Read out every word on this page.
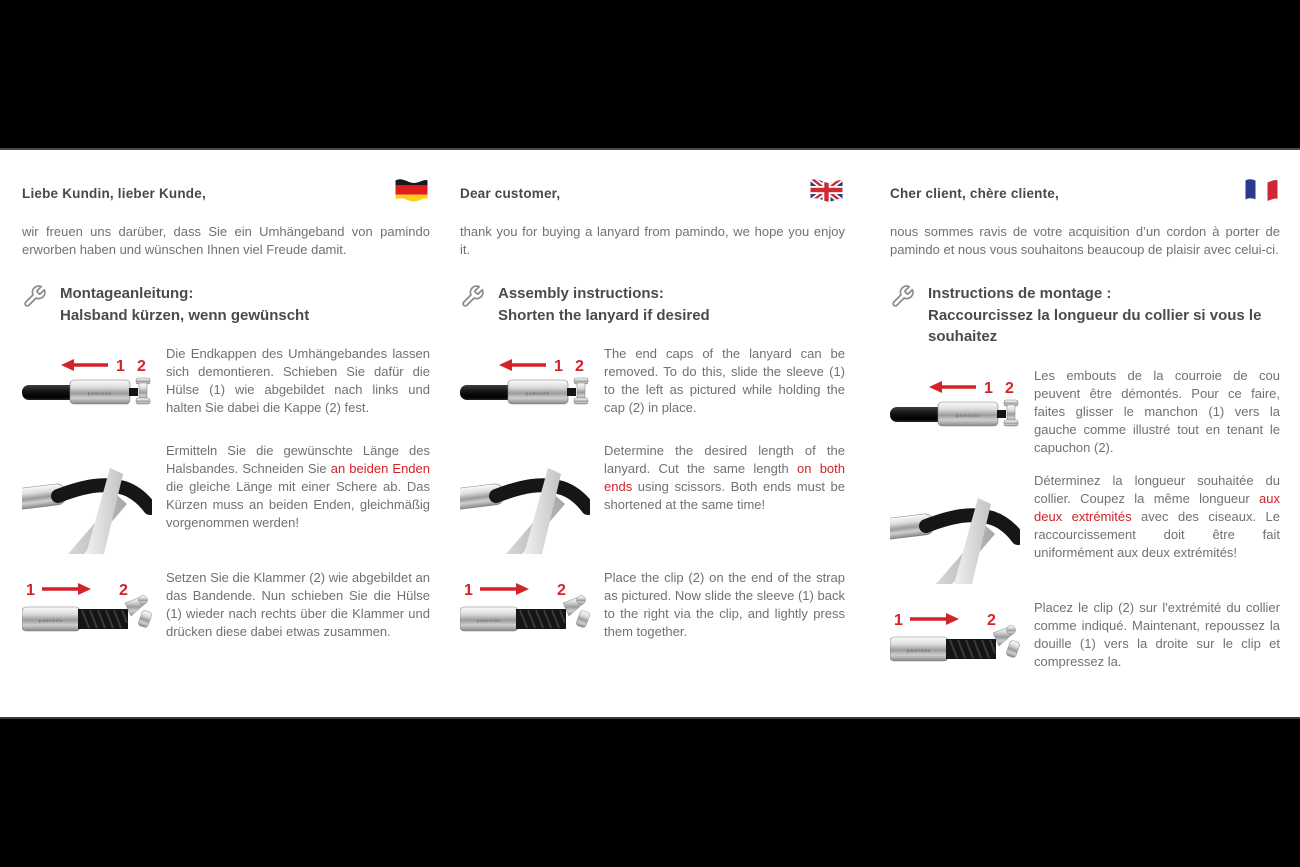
Liebe Kundin, lieber Kunde,

wir freuen uns darüber, dass Sie ein Umhängeband von pamindo erworben haben und wünschen Ihnen viel Freude damit.

Montageanleitung:
Halsband kürzen, wenn gewünscht
1 2
pamindo

Die Endkappen des Umhängebandes lassen sich demontieren. Schieben Sie dafür die Hülse (1) wie abgebildet nach links und halten Sie dabei die Kappe (2) fest.

Ermitteln Sie die gewünschte Länge des Halsbandes. Schneiden Sie an beiden Enden die gleiche Länge mit einer Schere ab. Das Kürzen muss an beiden Enden, gleichmäßig vorgenommen werden!

1	2
pamindo

Setzen Sie die Klammer (2) wie abgebildet an das Bandende. Nun schieben Sie die Hülse (1) wieder nach rechts über die Klammer und drücken diese dabei etwas zusammen.

Dear customer,

thank you for buying a lanyard from pamindo, we hope you enjoy it.

Assembly instructions:
Shorten the lanyard if desired
1 2
pamindo

The end caps of the lanyard can be removed. To do this, slide the sleeve (1) to the left as pictured while holding the cap (2) in place.

Determine the desired length of the lanyard. Cut the same length on both ends using scissors. Both ends must be shortened at the same time!

1	2
pamindo

Place the clip (2) on the end of the strap as pictured. Now slide the sleeve (1) back to the right via the clip, and lightly press them together.

Cher client, chère cliente,

nous sommes ravis de votre acquisition d’un cordon à porter de pamindo et nous vous souhaitons beaucoup de plaisir avec celui-ci.

Instructions de montage :
Raccourcissez la longueur du collier si vous le souhaitez
1 2
pamindo

Les embouts de la courroie de cou peuvent être démontés. Pour ce faire, faites glisser le manchon (1) vers la gauche comme illustré tout en tenant le capuchon (2).

Déterminez la longueur souhaitée du collier. Coupez la même longueur aux deux extrémités avec des ciseaux. Le raccourcissement doit être fait uniformément aux deux extrémités!

1	2
pamindo

Placez le clip (2) sur l'extrémité du collier comme indiqué. Maintenant, repoussez la douille (1) vers la droite sur le clip et compressez la.
